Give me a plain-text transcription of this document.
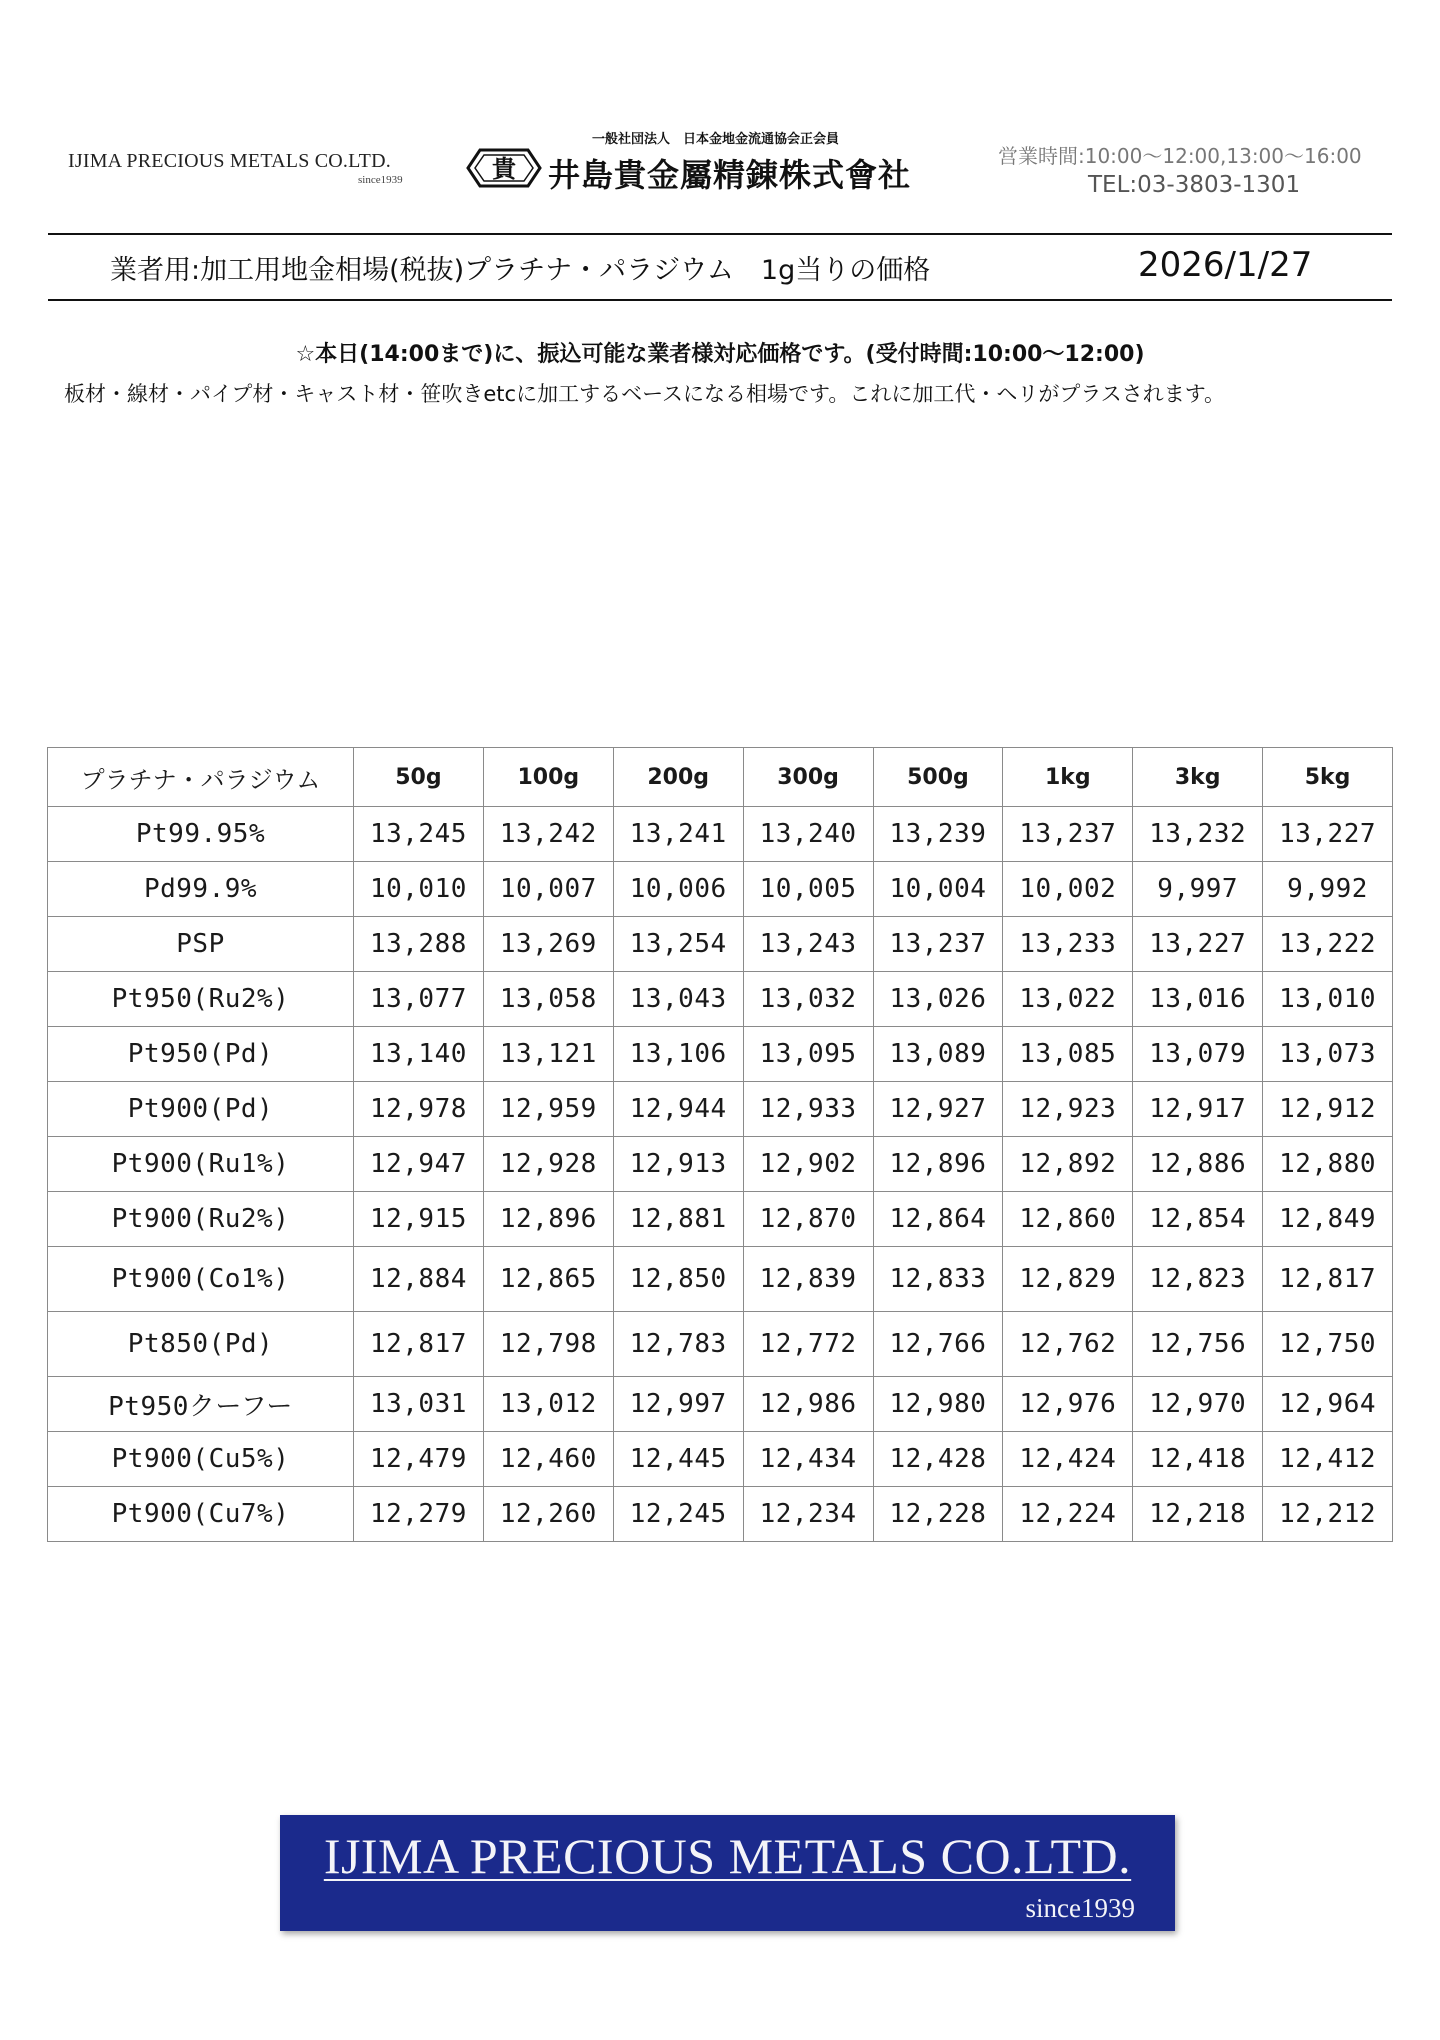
IJIMA PRECIOUS METALS CO.LTD.
since1939
一般社団法人　日本金地金流通協会正会員
貴 井島貴金屬精錬株式會社	営業時間:10:00～12:00,13:00～16:00
TEL:03-3803-1301
業者用:加工用地金相場(税抜)プラチナ・パラジウム　1g当りの価格	2026/1/27
☆本日(14:00まで)に、振込可能な業者様対応価格です。(受付時間:10:00～12:00)
板材・線材・パイプ材・キャスト材・笹吹きetcに加工するベースになる相場です。これに加工代・ヘリがプラスされます。
プラチナ・パラジウム	50g	100g	200g	300g	500g	1kg	3kg	5kg
Pt99.95%	13,245	13,242	13,241	13,240	13,239	13,237	13,232	13,227
Pd99.9%	10,010	10,007	10,006	10,005	10,004	10,002	9,997	9,992
PSP	13,288	13,269	13,254	13,243	13,237	13,233	13,227	13,222
Pt950(Ru2%)	13,077	13,058	13,043	13,032	13,026	13,022	13,016	13,010
Pt950(Pd)	13,140	13,121	13,106	13,095	13,089	13,085	13,079	13,073
Pt900(Pd)	12,978	12,959	12,944	12,933	12,927	12,923	12,917	12,912
Pt900(Ru1%)	12,947	12,928	12,913	12,902	12,896	12,892	12,886	12,880
Pt900(Ru2%)	12,915	12,896	12,881	12,870	12,864	12,860	12,854	12,849
Pt900(Co1%)	12,884	12,865	12,850	12,839	12,833	12,829	12,823	12,817
Pt850(Pd)	12,817	12,798	12,783	12,772	12,766	12,762	12,756	12,750
Pt950クーフー	13,031	13,012	12,997	12,986	12,980	12,976	12,970	12,964
Pt900(Cu5%)	12,479	12,460	12,445	12,434	12,428	12,424	12,418	12,412
Pt900(Cu7%)	12,279	12,260	12,245	12,234	12,228	12,224	12,218	12,212
IJIMA PRECIOUS METALS CO.LTD.
since1939
